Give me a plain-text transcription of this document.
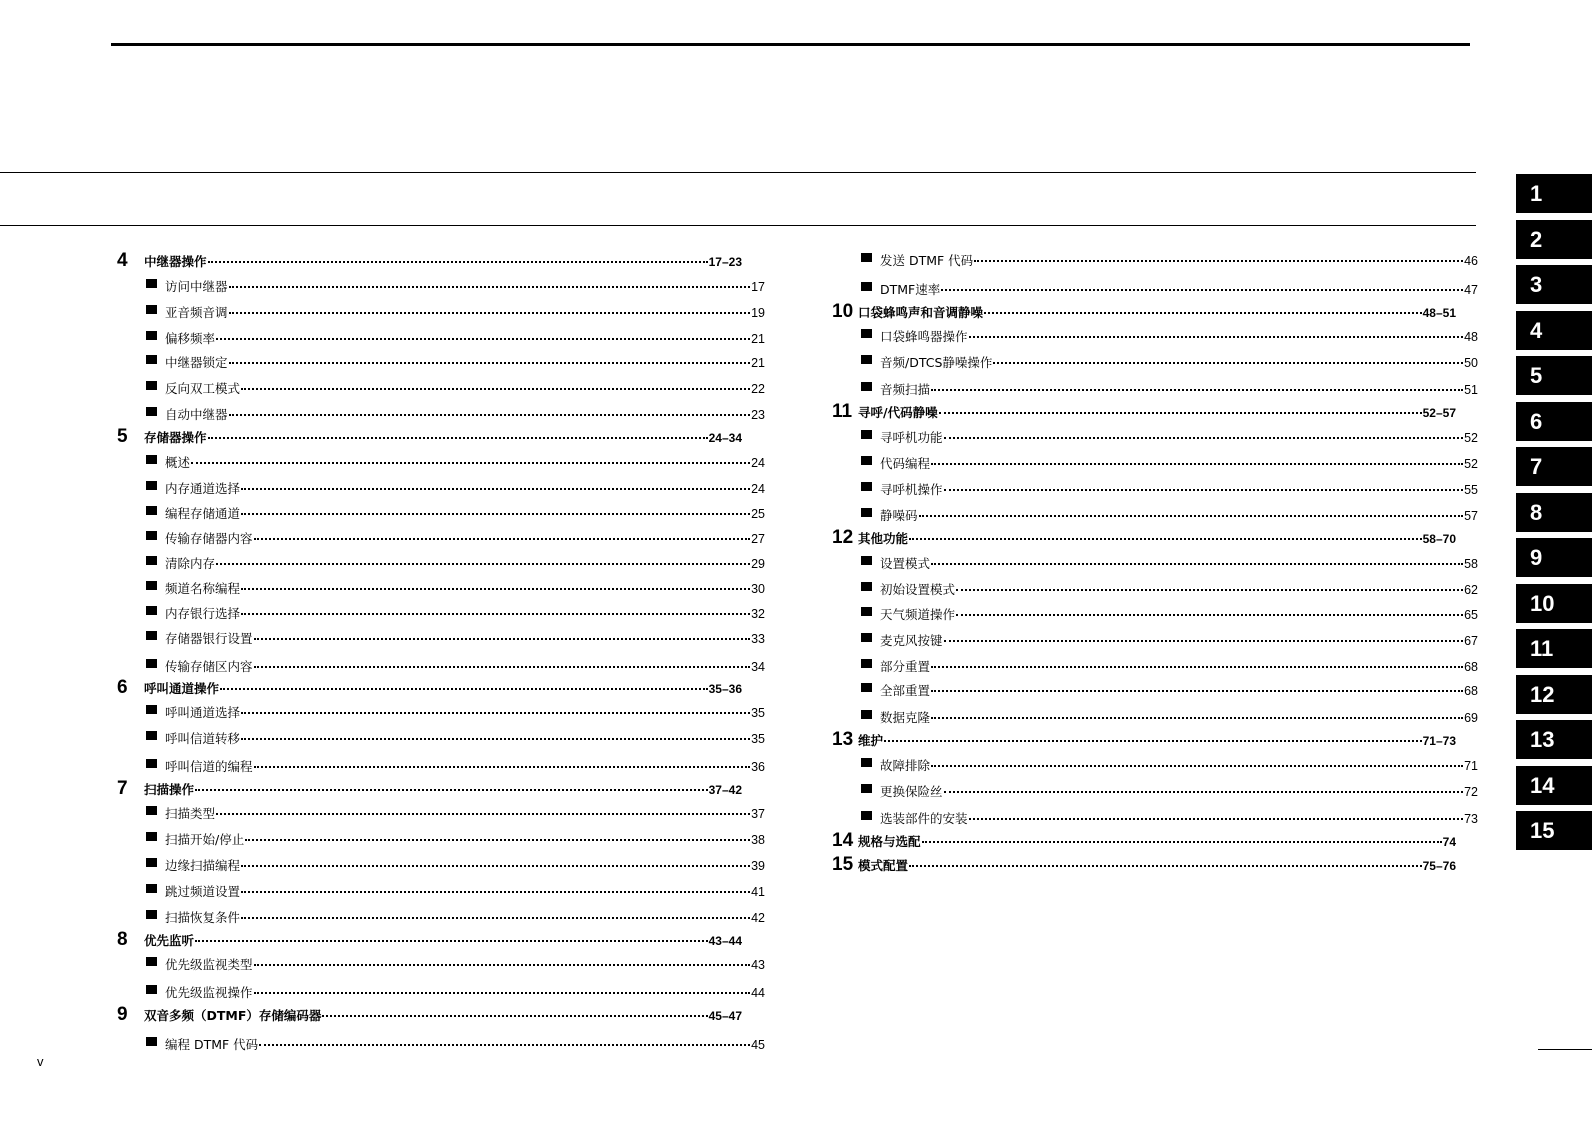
4	中继器操作	17–23
访问中继器	17
亚音频音调	19
偏移频率	21
中继器锁定	21
反向双工模式	22
自动中继器	23
5	存储器操作	24–34
概述	24
内存通道选择	24
编程存储通道	25
传输存储器内容	27
清除内存	29
频道名称编程	30
内存银行选择	32
存储器银行设置	33
传输存储区内容	34
6	呼叫通道操作	35–36
呼叫通道选择	35
呼叫信道转移	35
呼叫信道的编程	36
7	扫描操作	37–42
扫描类型	37
扫描开始/停止	38
边缘扫描编程	39
跳过频道设置	41
扫描恢复条件	42
8	优先监听	43–44
优先级监视类型	43
优先级监视操作	44
9	双音多频（DTMF）存储编码器	45–47
编程 DTMF 代码	45
发送 DTMF 代码	46
DTMF速率	47
10 口袋蜂鸣声和音调静噪	48–51
口袋蜂鸣器操作	48
音频/DTCS静噪操作	50
音频扫描	51
11 寻呼/代码静噪	52–57
寻呼机功能	52
代码编程	52
寻呼机操作	55
静噪码	57
12 其他功能	58–70
设置模式	58
初始设置模式	62
天气频道操作	65
麦克风按键	67
部分重置	68
全部重置	68
数据克隆	69
13 维护	71–73
故障排除	71
更换保险丝	72
选装部件的安装	73
14 规格与选配	74
15 模式配置	75–76
1
2
3
4
5
6
7
8
9
10
11
12
13
14
15
v
